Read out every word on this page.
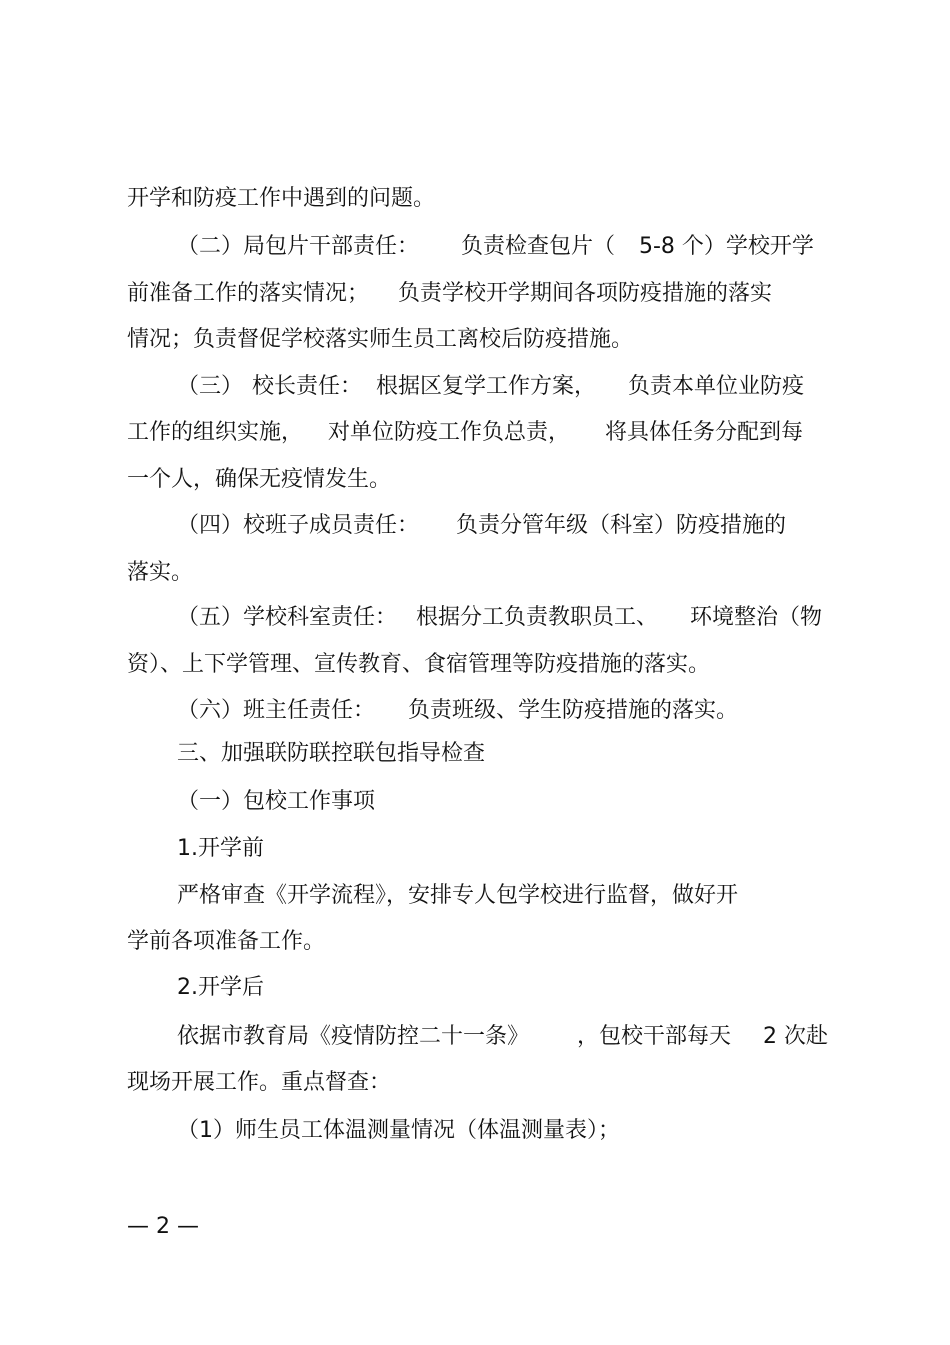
开学和防疫工作中遇到的问题。
（二）局包片干部责任： 负责检查包片（ 5-8 个）学校开学
前准备工作的落实情况； 负责学校开学期间各项防疫措施的落实
情况；负责督促学校落实师生员工离校后防疫措施。
（三） 校长责任： 根据区复学工作方案， 负责本单位业防疫
工作的组织实施， 对单位防疫工作负总责， 将具体任务分配到每
一个人，确保无疫情发生。
（四）校班子成员责任： 负责分管年级（科室）防疫措施的
落实。
（五）学校科室责任： 根据分工负责教职员工、 环境整治（物
资）、上下学管理、宣传教育、食宿管理等防疫措施的落实。
（六）班主任责任： 负责班级、学生防疫措施的落实。
三、加强联防联控联包指导检查
（一）包校工作事项
1.开学前
严格审查《开学流程》，安排专人包学校进行监督，做好开
学前各项准备工作。
2.开学后
依据市教育局《疫情防控二十一条》 ，包校干部每天 2 次赴
现场开展工作。重点督查：
（1）师生员工体温测量情况（体温测量表）；
— 2 —
